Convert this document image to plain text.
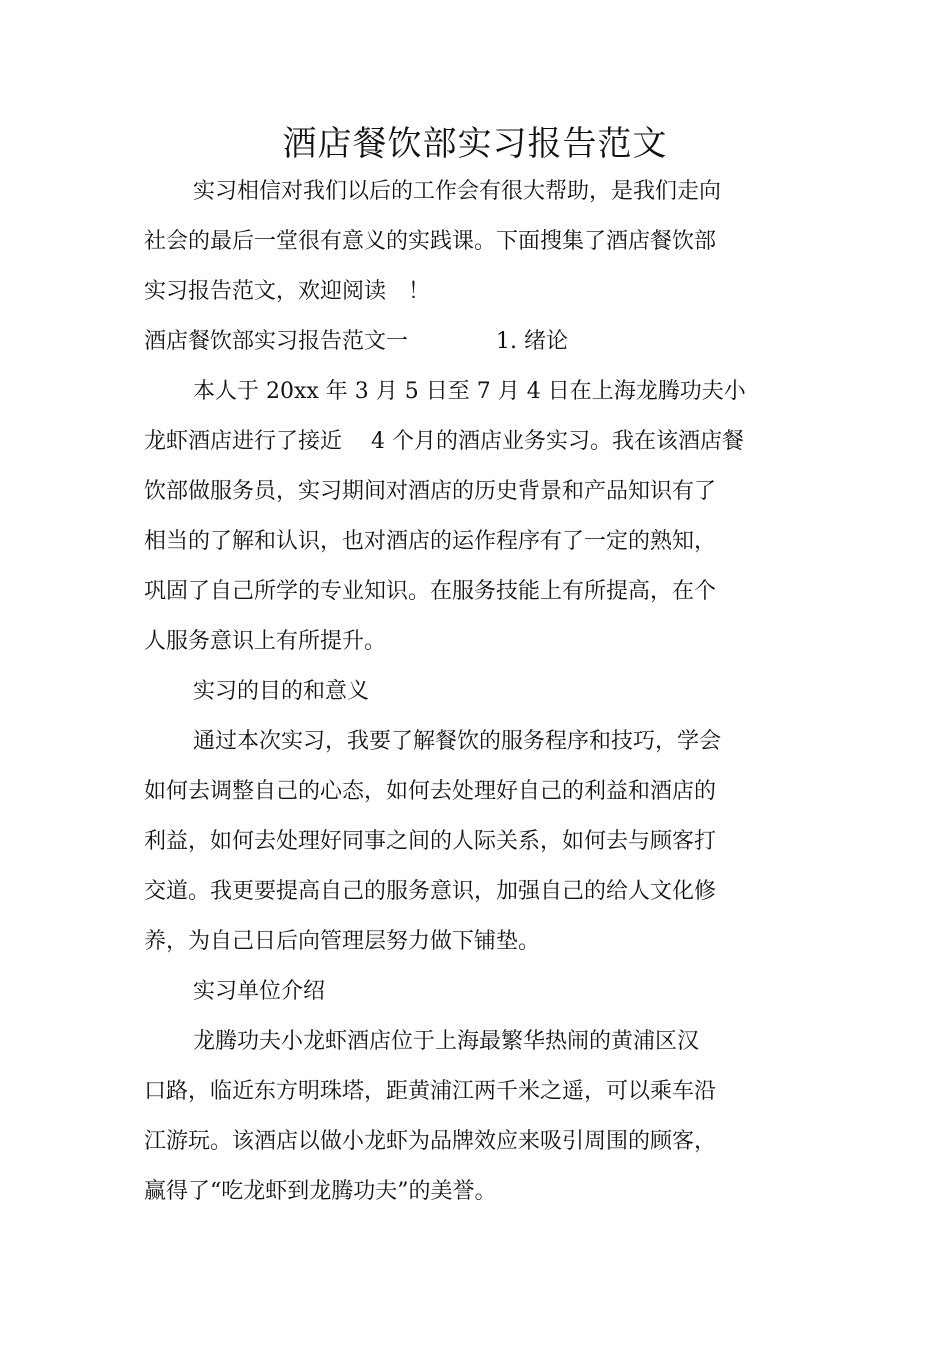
酒店餐饮部实习报告范文
实习相信对我们以后的工作会有很大帮助，是我们走向
社会的最后一堂很有意义的实践课。下面搜集了酒店餐饮部
实习报告范文，欢迎阅读　！
酒店餐饮部实习报告范文一　　　　1. 绪论
本人于 20xx 年 3 月 5 日至 7 月 4 日在上海龙腾功夫小
龙虾酒店进行了接近　 4 个月的酒店业务实习。我在该酒店餐
饮部做服务员，实习期间对酒店的历史背景和产品知识有了
相当的了解和认识，也对酒店的运作程序有了一定的熟知，
巩固了自己所学的专业知识。在服务技能上有所提高，在个
人服务意识上有所提升。
实习的目的和意义
通过本次实习，我要了解餐饮的服务程序和技巧，学会
如何去调整自己的心态，如何去处理好自己的利益和酒店的
利益，如何去处理好同事之间的人际关系，如何去与顾客打
交道。我更要提高自己的服务意识，加强自己的给人文化修
养，为自己日后向管理层努力做下铺垫。
实习单位介绍
龙腾功夫小龙虾酒店位于上海最繁华热闹的黄浦区汉
口路，临近东方明珠塔，距黄浦江两千米之遥，可以乘车沿
江游玩。该酒店以做小龙虾为品牌效应来吸引周围的顾客，
赢得了“吃龙虾到龙腾功夫”的美誉。
